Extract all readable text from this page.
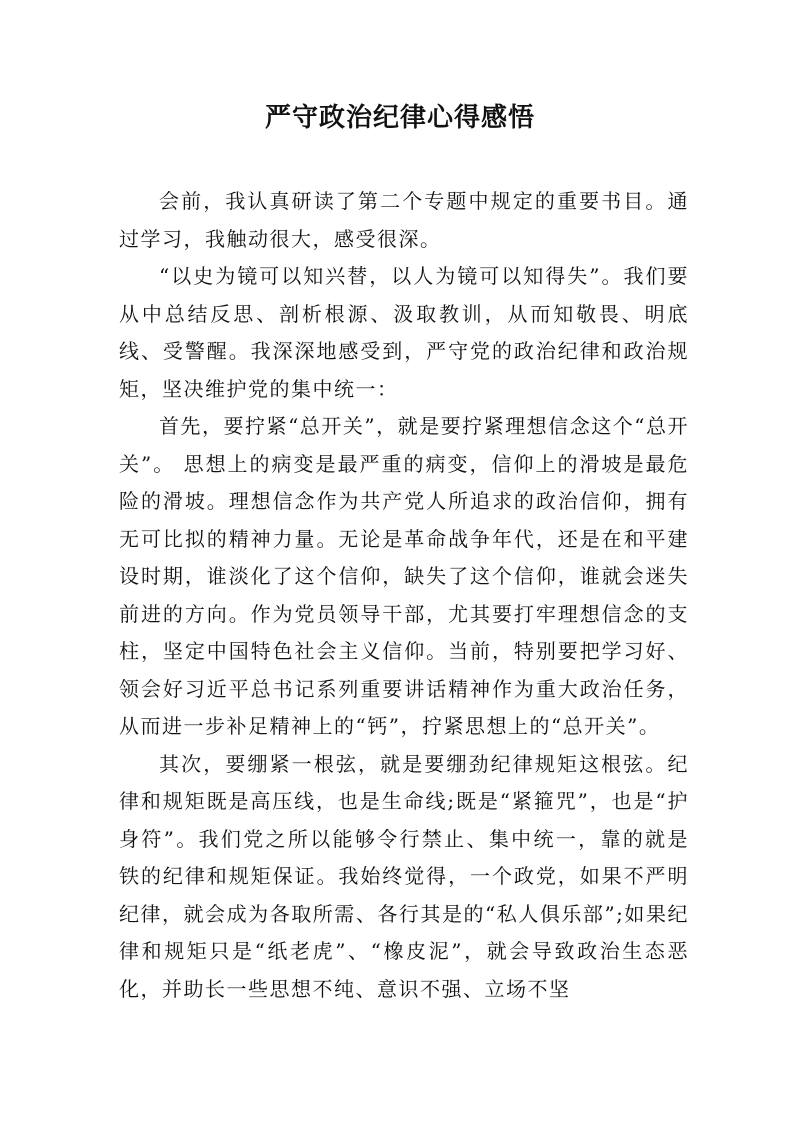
严守政治纪律心得感悟

会前，我认真研读了第二个专题中规定的重要书目。通过学习，我触动很大，感受很深。

“以史为镜可以知兴替，以人为镜可以知得失”。我们要从中总结反思、剖析根源、汲取教训，从而知敬畏、明底线、受警醒。我深深地感受到，严守党的政治纪律和政治规矩，坚决维护党的集中统一：

首先，要拧紧“总开关”，就是要拧紧理想信念这个“总开关”。 思想上的病变是最严重的病变，信仰上的滑坡是最危险的滑坡。理想信念作为共产党人所追求的政治信仰，拥有无可比拟的精神力量。无论是革命战争年代，还是在和平建设时期，谁淡化了这个信仰，缺失了这个信仰，谁就会迷失前进的方向。作为党员领导干部，尤其要打牢理想信念的支柱，坚定中国特色社会主义信仰。当前，特别要把学习好、领会好习近平总书记系列重要讲话精神作为重大政治任务，从而进一步补足精神上的“钙”，拧紧思想上的“总开关”。

其次，要绷紧一根弦，就是要绷劲纪律规矩这根弦。纪律和规矩既是高压线，也是生命线;既是“紧箍咒”，也是“护身符”。我们党之所以能够令行禁止、集中统一，靠的就是铁的纪律和规矩保证。我始终觉得，一个政党，如果不严明纪律，就会成为各取所需、各行其是的“私人俱乐部”;如果纪律和规矩只是“纸老虎”、“橡皮泥”，就会导致政治生态恶化，并助长一些思想不纯、意识不强、立场不坚
